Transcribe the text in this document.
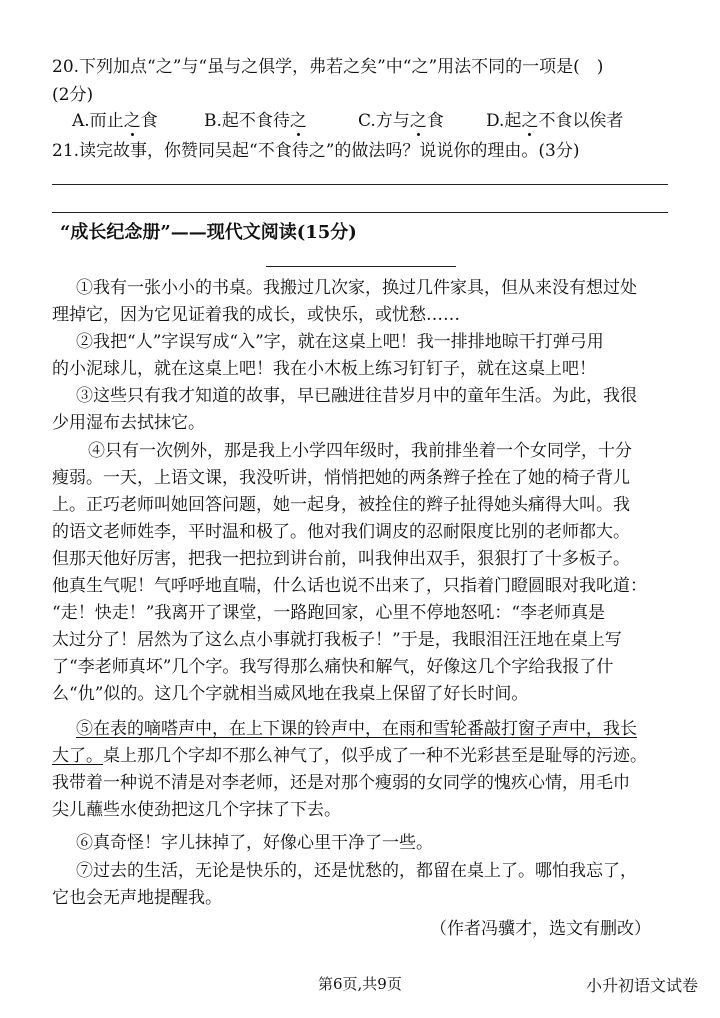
20.下列加点“之”与“虽与之俱学，弗若之矣”中“之”用法不同的一项是(　)
(2分)
A.而止之食	B.起不食待之	C.方与之食 D.起之不食以俟者
21.读完故事，你赞同吴起“不食待之”的做法吗？说说你的理由。(3分)
“成长纪念册”——现代文阅读(15分)
①我有一张小小的书桌。我搬过几次家，换过几件家具，但从来没有想过处
理掉它，因为它见证着我的成长，或快乐，或忧愁……
②我把“人”字误写成“入”字，就在这桌上吧！我一排排地晾干打弹弓用
的小泥球儿，就在这桌上吧！我在小木板上练习钉钉子，就在这桌上吧！
③这些只有我才知道的故事，早已融进往昔岁月中的童年生活。为此，我很
少用湿布去拭抹它。
④只有一次例外，那是我上小学四年级时，我前排坐着一个女同学，十分
瘦弱。一天，上语文课，我没听讲，悄悄把她的两条辫子拴在了她的椅子背儿
上。正巧老师叫她回答问题，她一起身，被拴住的辫子扯得她头痛得大叫。我
的语文老师姓李，平时温和极了。他对我们调皮的忍耐限度比别的老师都大。
但那天他好厉害，把我一把拉到讲台前，叫我伸出双手，狠狠打了十多板子。
他真生气呢！气呼呼地直喘，什么话也说不出来了，只指着门瞪圆眼对我叱道：
“走！快走！”我离开了课堂，一路跑回家，心里不停地怒吼：“李老师真是
太过分了！居然为了这么点小事就打我板子！”于是，我眼泪汪汪地在桌上写
了“李老师真坏”几个字。我写得那么痛快和解气，好像这几个字给我报了什
么“仇”似的。这几个字就相当威风地在我桌上保留了好长时间。
⑤在表的嘀嗒声中，在上下课的铃声中，在雨和雪轮番敲打窗子声中，我长
大了。桌上那几个字却不那么神气了，似乎成了一种不光彩甚至是耻辱的污迹。
我带着一种说不清是对李老师，还是对那个瘦弱的女同学的愧疚心情，用毛巾
尖儿蘸些水使劲把这几个字抹了下去。
⑥真奇怪！字儿抹掉了，好像心里干净了一些。
⑦过去的生活，无论是快乐的，还是忧愁的，都留在桌上了。哪怕我忘了，
它也会无声地提醒我。
（作者冯骥才，选文有删改）
第6页,共9页	小升初语文试卷
